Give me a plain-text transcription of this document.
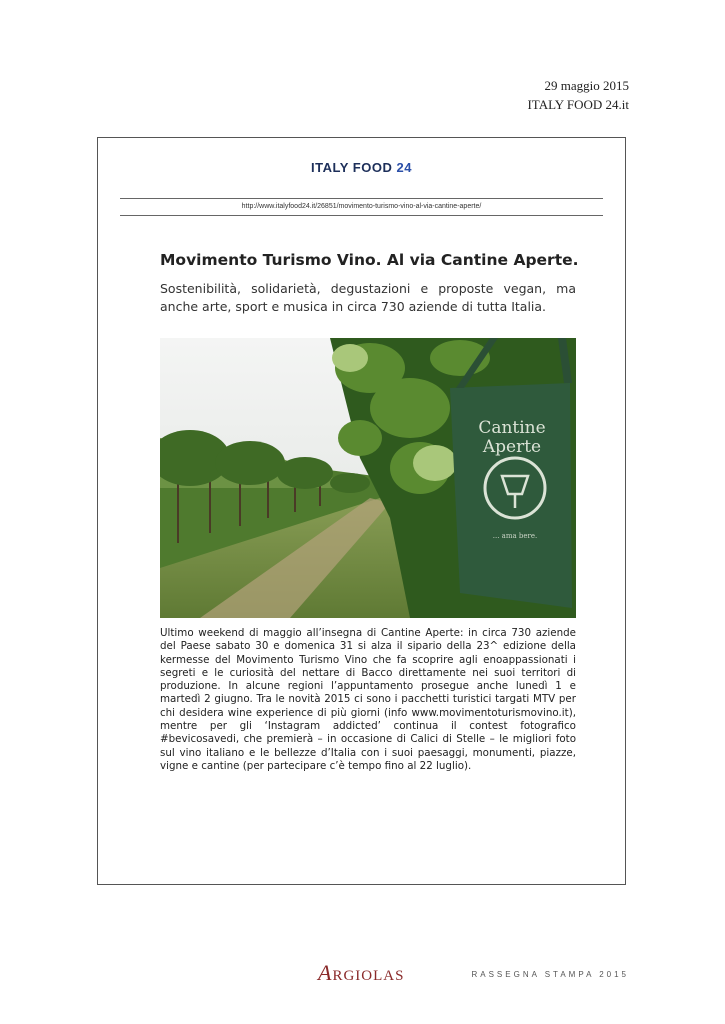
29 maggio 2015
ITALY FOOD 24.it
ITALY FOOD 24
http://www.italyfood24.it/26851/movimento-turismo-vino-al-via-cantine-aperte/
Movimento Turismo Vino. Al via Cantine Aperte.

Sostenibilità, solidarietà, degustazioni e proposte vegan, ma anche arte, sport e musica in circa 730 aziende di tutta Italia.

Cantine
Aperte
... ama bere.

Ultimo weekend di maggio all’insegna di Cantine Aperte: in circa 730 aziende del Paese sabato 30 e domenica 31 si alza il sipario della 23^ edizione della kermesse del Movimento Turismo Vino che fa scoprire agli enoappassionati i segreti e le curiosità del nettare di Bacco direttamente nei suoi territori di produzione. In alcune regioni l’appuntamento prosegue anche lunedì 1 e martedì 2 giugno. Tra le novità 2015 ci sono i pacchetti turistici targati MTV per chi desidera wine experience di più giorni (info www.movimentoturismovino.it), mentre per gli ‘Instagram addicted’ continua il contest fotografico #bevicosavedi, che premierà – in occasione di Calici di Stelle – le migliori foto sul vino italiano e le bellezze d’Italia con i suoi paesaggi, monumenti, piazze, vigne e cantine (per partecipare c’è tempo fino al 22 luglio).

ARGIOLAS	RASSEGNA STAMPA 2015
